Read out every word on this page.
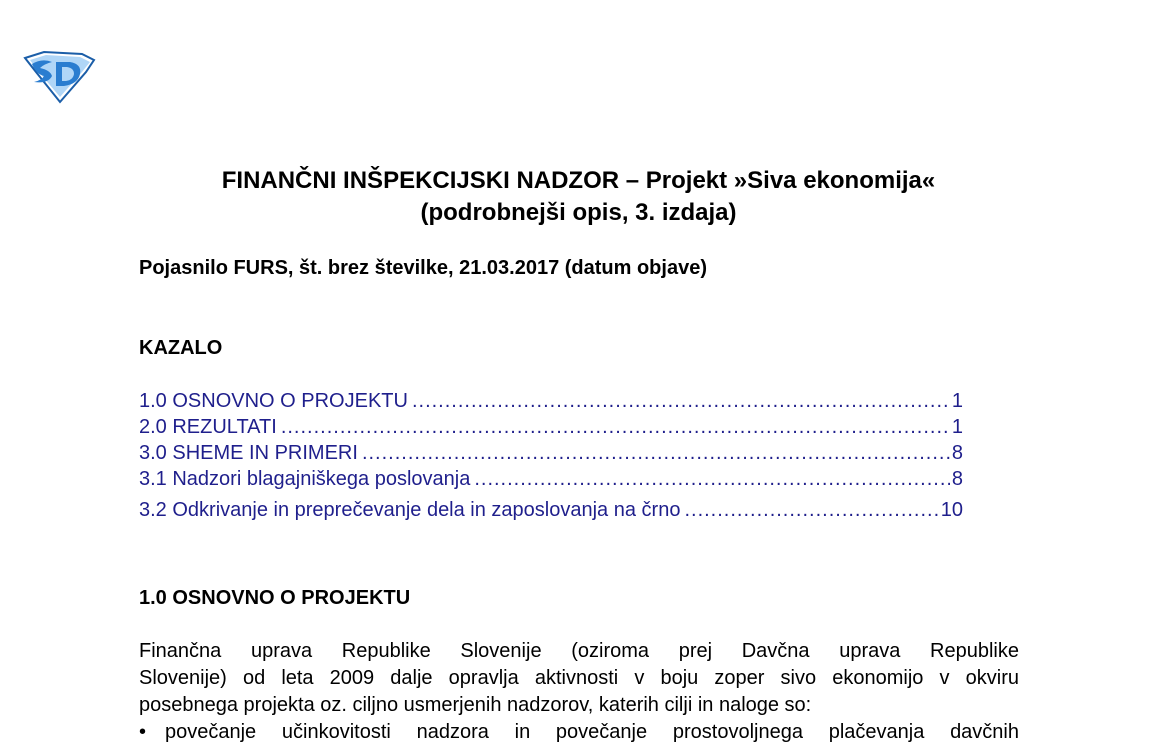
FINANČNI INŠPEKCIJSKI NADZOR – Projekt »Siva ekonomija«
(podrobnejši opis, 3. izdaja)
Pojasnilo FURS, št. brez številke, 21.03.2017 (datum objave)
KAZALO
1.0 OSNOVNO O PROJEKTU .....	1
2.0 REZULTATI .....	1
3.0 SHEME IN PRIMERI .....	8
3.1 Nadzori blagajniškega poslovanja .....	8
3.2 Odkrivanje in preprečevanje dela in zaposlovanja na črno .....	10
1.0 OSNOVNO O PROJEKTU
Finančna uprava Republike Slovenije (oziroma prej Davčna uprava Republike
Slovenije) od leta 2009 dalje opravlja aktivnosti v boju zoper sivo ekonomijo v okviru
posebnega projekta oz. ciljno usmerjenih nadzorov, katerih cilji in naloge so:
• povečanje učinkovitosti nadzora in povečanje prostovoljnega plačevanja davčnih
